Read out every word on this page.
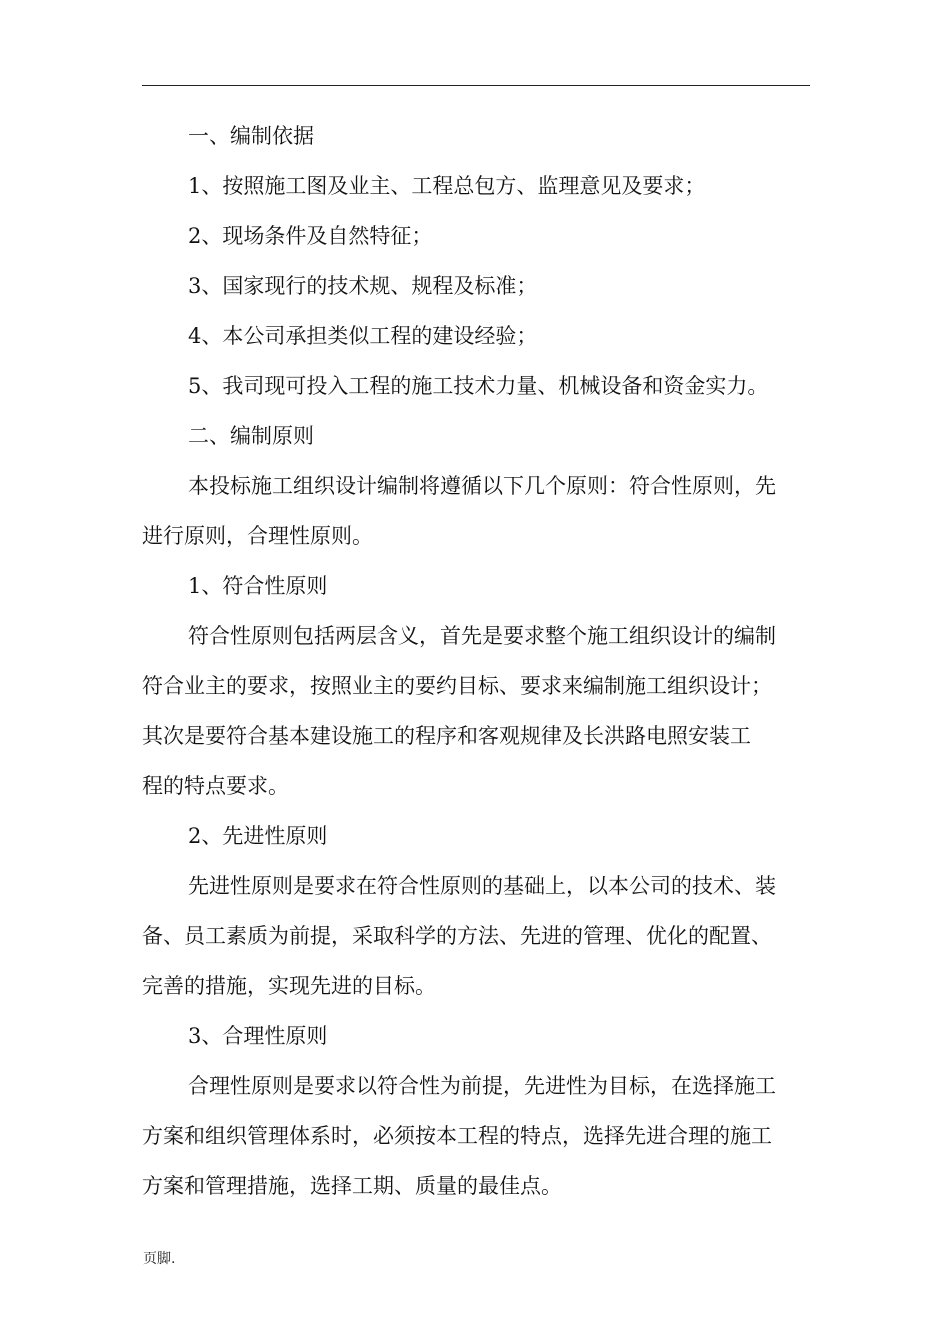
一、编制依据

1、按照施工图及业主、工程总包方、监理意见及要求；

2、现场条件及自然特征；

3、国家现行的技术规、规程及标准；

4、本公司承担类似工程的建设经验；

5、我司现可投入工程的施工技术力量、机械设备和资金实力。

二、编制原则

本投标施工组织设计编制将遵循以下几个原则：符合性原则，先

进行原则，合理性原则。

1、符合性原则

符合性原则包括两层含义，首先是要求整个施工组织设计的编制

符合业主的要求，按照业主的要约目标、要求来编制施工组织设计；

其次是要符合基本建设施工的程序和客观规律及长洪路电照安装工

程的特点要求。

2、先进性原则

先进性原则是要求在符合性原则的基础上，以本公司的技术、装

备、员工素质为前提，采取科学的方法、先进的管理、优化的配置、

完善的措施，实现先进的目标。

3、合理性原则

合理性原则是要求以符合性为前提，先进性为目标，在选择施工

方案和组织管理体系时，必须按本工程的特点，选择先进合理的施工

方案和管理措施，选择工期、质量的最佳点。

页脚.
